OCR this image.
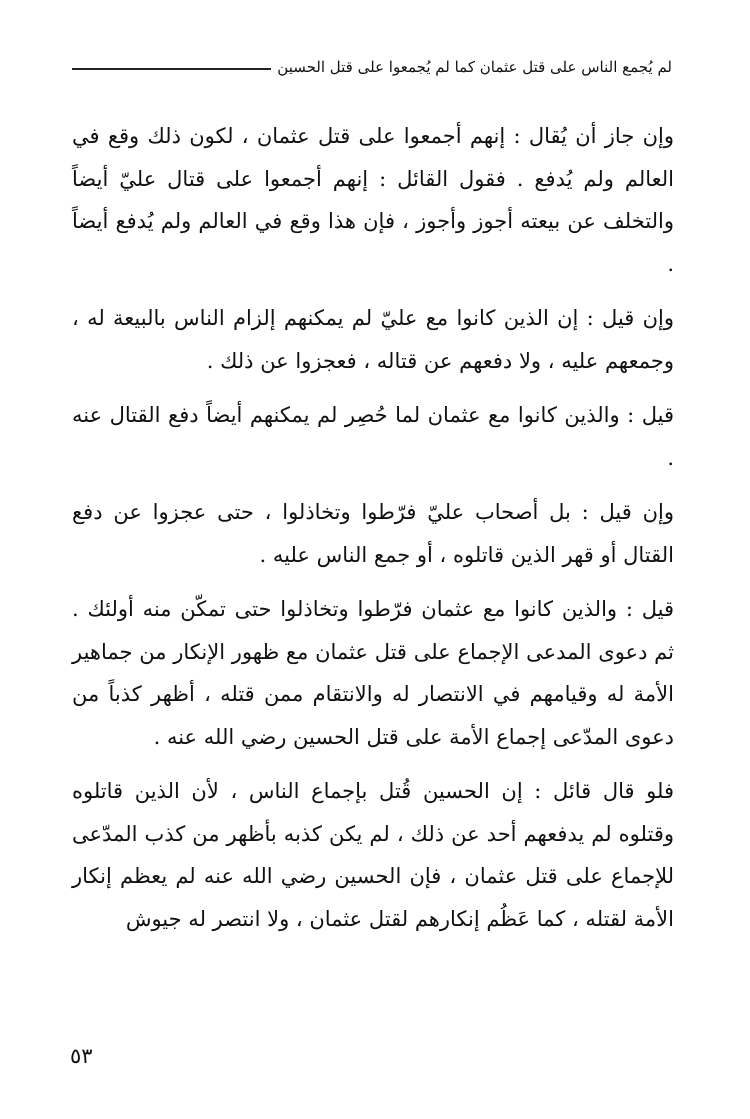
لم يُجمع الناس على قتل عثمان كما لم يُجمعوا على قتل الحسين

وإن جاز أن يُقال : إنهم أجمعوا على قتل عثمان ، لكون ذلك وقع في العالم ولم يُدفع . فقول القائل : إنهم أجمعوا على قتال عليّ أيضاً والتخلف عن بيعته أجوز وأجوز ، فإن هذا وقع في العالم ولم يُدفع أيضاً .

وإن قيل : إن الذين كانوا مع عليّ لم يمكنهم إلزام الناس بالبيعة له ، وجمعهم عليه ، ولا دفعهم عن قتاله ، فعجزوا عن ذلك .

قيل : والذين كانوا مع عثمان لما حُصِر لم يمكنهم أيضاً دفع القتال عنه .

وإن قيل : بل أصحاب عليّ فرّطوا وتخاذلوا ، حتى عجزوا عن دفع القتال أو قهر الذين قاتلوه ، أو جمع الناس عليه .

قيل : والذين كانوا مع عثمان فرّطوا وتخاذلوا حتى تمكّن منه أولئك . ثم دعوى المدعى الإجماع على قتل عثمان مع ظهور الإنكار من جماهير الأمة له وقيامهم في الانتصار له والانتقام ممن قتله ، أظهر كذباً من دعوى المدّعى إجماع الأمة على قتل الحسين رضي الله عنه .

فلو قال قائل : إن الحسين قُتل بإجماع الناس ، لأن الذين قاتلوه وقتلوه لم يدفعهم أحد عن ذلك ، لم يكن كذبه بأظهر من كذب المدّعى للإجماع على قتل عثمان ، فإن الحسين رضي الله عنه لم يعظم إنكار الأمة لقتله ، كما عَظُم إنكارهم لقتل عثمان ، ولا انتصر له جيوش

٥٣
